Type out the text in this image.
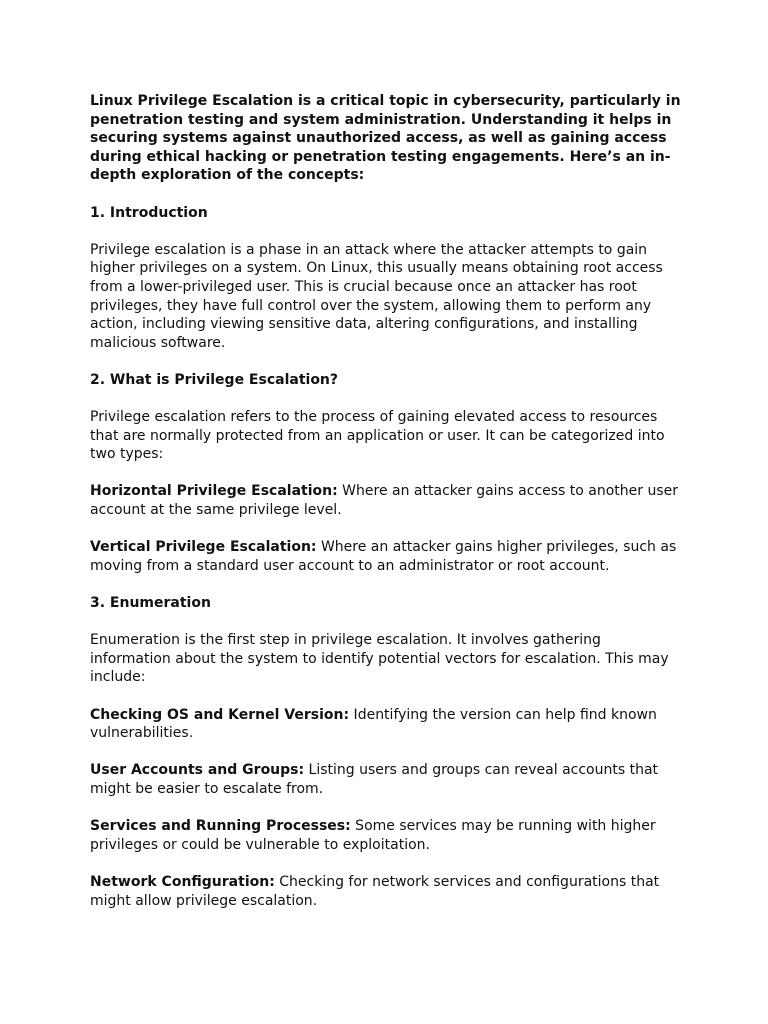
Linux Privilege Escalation is a critical topic in cybersecurity, particularly in penetration testing and system administration. Understanding it helps in securing systems against unauthorized access, as well as gaining access during ethical hacking or penetration testing engagements. Here’s an in-depth exploration of the concepts:

1. Introduction

Privilege escalation is a phase in an attack where the attacker attempts to gain higher privileges on a system. On Linux, this usually means obtaining root access from a lower-privileged user. This is crucial because once an attacker has root privileges, they have full control over the system, allowing them to perform any action, including viewing sensitive data, altering configurations, and installing malicious software.

2. What is Privilege Escalation?

Privilege escalation refers to the process of gaining elevated access to resources that are normally protected from an application or user. It can be categorized into two types:

Horizontal Privilege Escalation: Where an attacker gains access to another user account at the same privilege level.

Vertical Privilege Escalation: Where an attacker gains higher privileges, such as moving from a standard user account to an administrator or root account.

3. Enumeration

Enumeration is the first step in privilege escalation. It involves gathering information about the system to identify potential vectors for escalation. This may include:

Checking OS and Kernel Version: Identifying the version can help find known vulnerabilities.

User Accounts and Groups: Listing users and groups can reveal accounts that might be easier to escalate from.

Services and Running Processes: Some services may be running with higher privileges or could be vulnerable to exploitation.

Network Configuration: Checking for network services and configurations that might allow privilege escalation.
